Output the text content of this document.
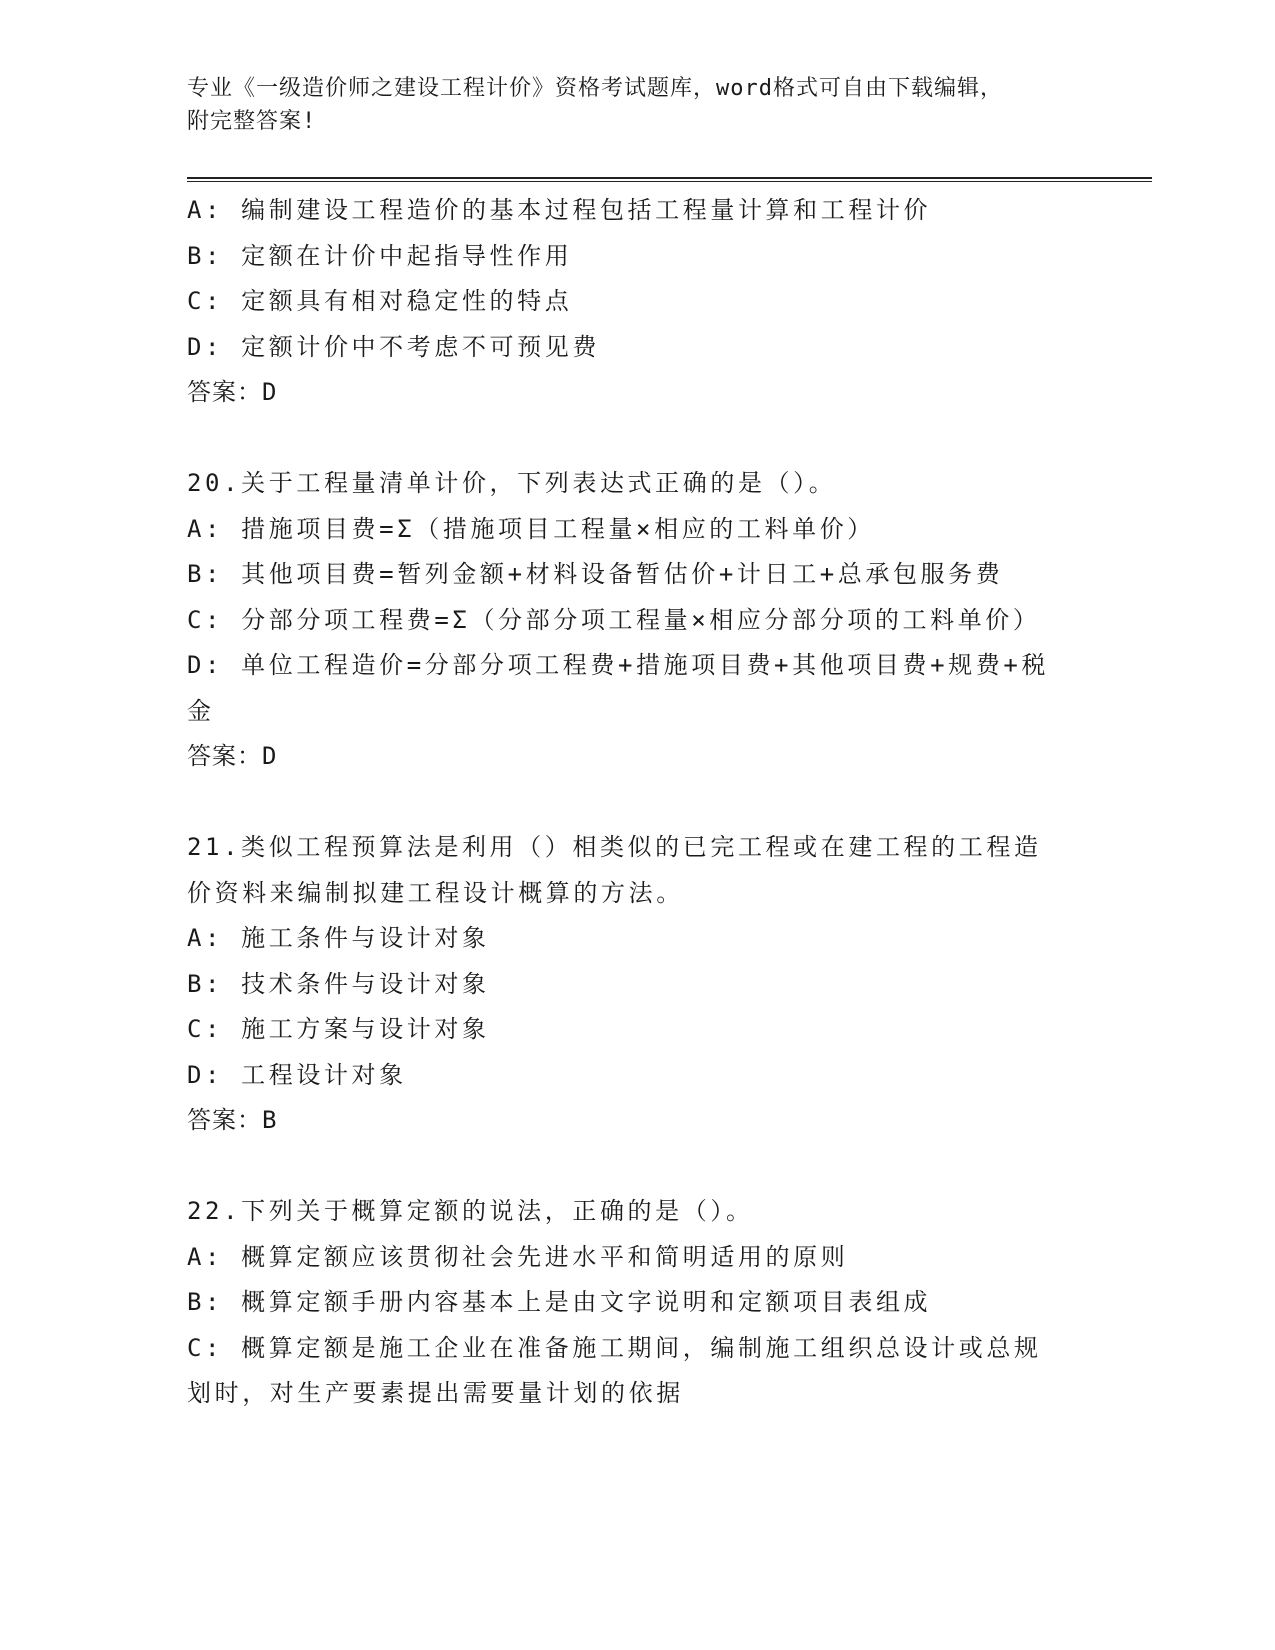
专业《一级造价师之建设工程计价》资格考试题库，word格式可自由下载编辑，
附完整答案!
A: 编制建设工程造价的基本过程包括工程量计算和工程计价
B: 定额在计价中起指导性作用
C: 定额具有相对稳定性的特点
D: 定额计价中不考虑不可预见费
答案：D
20.关于工程量清单计价，下列表达式正确的是（）。
A: 措施项目费=Σ（措施项目工程量×相应的工料单价）
B: 其他项目费=暂列金额+材料设备暂估价+计日工+总承包服务费
C: 分部分项工程费=Σ（分部分项工程量×相应分部分项的工料单价）
D: 单位工程造价=分部分项工程费+措施项目费+其他项目费+规费+税金
答案：D
21.类似工程预算法是利用（）相类似的已完工程或在建工程的工程造价资料来编制拟建工程设计概算的方法。
A: 施工条件与设计对象
B: 技术条件与设计对象
C: 施工方案与设计对象
D: 工程设计对象
答案：B
22.下列关于概算定额的说法，正确的是（）。
A: 概算定额应该贯彻社会先进水平和简明适用的原则
B: 概算定额手册内容基本上是由文字说明和定额项目表组成
C: 概算定额是施工企业在准备施工期间，编制施工组织总设计或总规划时，对生产要素提出需要量计划的依据
